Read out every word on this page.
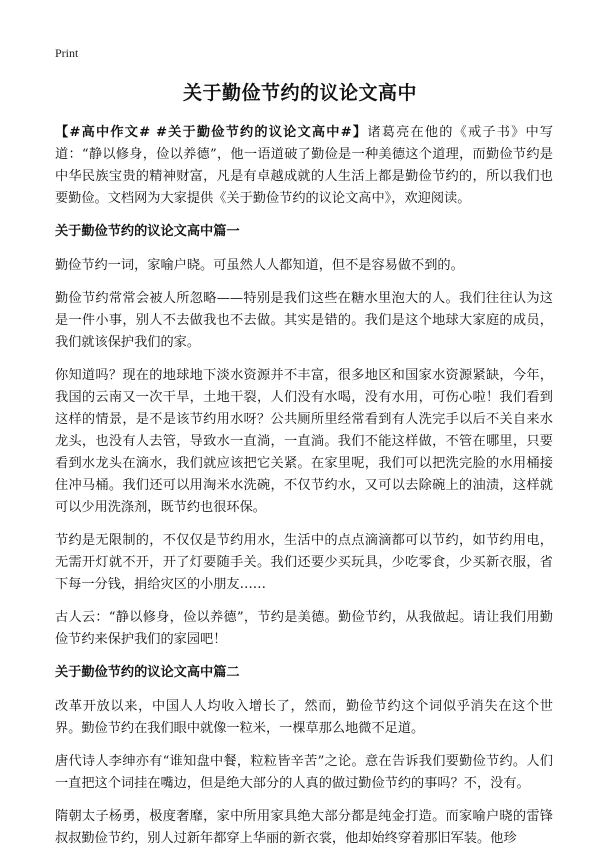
Print
关于勤俭节约的议论文高中

【#高中作文# #关于勤俭节约的议论文高中#】诸葛亮在他的《戒子书》中写道：“静以修身，俭以养德”，他一语道破了勤俭是一种美德这个道理，而勤俭节约是中华民族宝贵的精神财富，凡是有卓越成就的人生活上都是勤俭节约的，所以我们也要勤俭。文档网为大家提供《关于勤俭节约的议论文高中》，欢迎阅读。

关于勤俭节约的议论文高中篇一

勤俭节约一词，家喻户晓。可虽然人人都知道，但不是容易做不到的。

勤俭节约常常会被人所忽略——特别是我们这些在糖水里泡大的人。我们往往认为这是一件小事，别人不去做我也不去做。其实是错的。我们是这个地球大家庭的成员，我们就该保护我们的家。

你知道吗？现在的地球地下淡水资源并不丰富，很多地区和国家水资源紧缺，今年，我国的云南又一次干旱，土地干裂，人们没有水喝，没有水用，可伤心啦！我们看到这样的情景，是不是该节约用水呀？公共厕所里经常看到有人洗完手以后不关自来水龙头，也没有人去管，导致水一直淌，一直淌。我们不能这样做，不管在哪里，只要看到水龙头在滴水，我们就应该把它关紧。在家里呢，我们可以把洗完脸的水用桶接住冲马桶。我们还可以用淘米水洗碗，不仅节约水，又可以去除碗上的油渍，这样就可以少用洗涤剂，既节约也很环保。

节约是无限制的，不仅仅是节约用水，生活中的点点滴滴都可以节约，如节约用电，无需开灯就不开，开了灯要随手关。我们还要少买玩具，少吃零食，少买新衣服，省下每一分钱，捐给灾区的小朋友……

古人云：“静以修身，俭以养德”，节约是美德。勤俭节约，从我做起。请让我们用勤俭节约来保护我们的家园吧！

关于勤俭节约的议论文高中篇二

改革开放以来，中国人人均收入增长了，然而，勤俭节约这个词似乎消失在这个世界。勤俭节约在我们眼中就像一粒米，一棵草那么地微不足道。

唐代诗人李绅亦有“谁知盘中餐，粒粒皆辛苦”之论。意在告诉我们要勤俭节约。人们一直把这个词挂在嘴边，但是绝大部分的人真的做过勤俭节约的事吗？不，没有。

隋朝太子杨勇，极度奢靡，家中所用家具绝大部分都是纯金打造。而家喻户晓的雷锋叔叔勤俭节约，别人过新年都穿上华丽的新衣裳，他却始终穿着那旧军装。他珍
